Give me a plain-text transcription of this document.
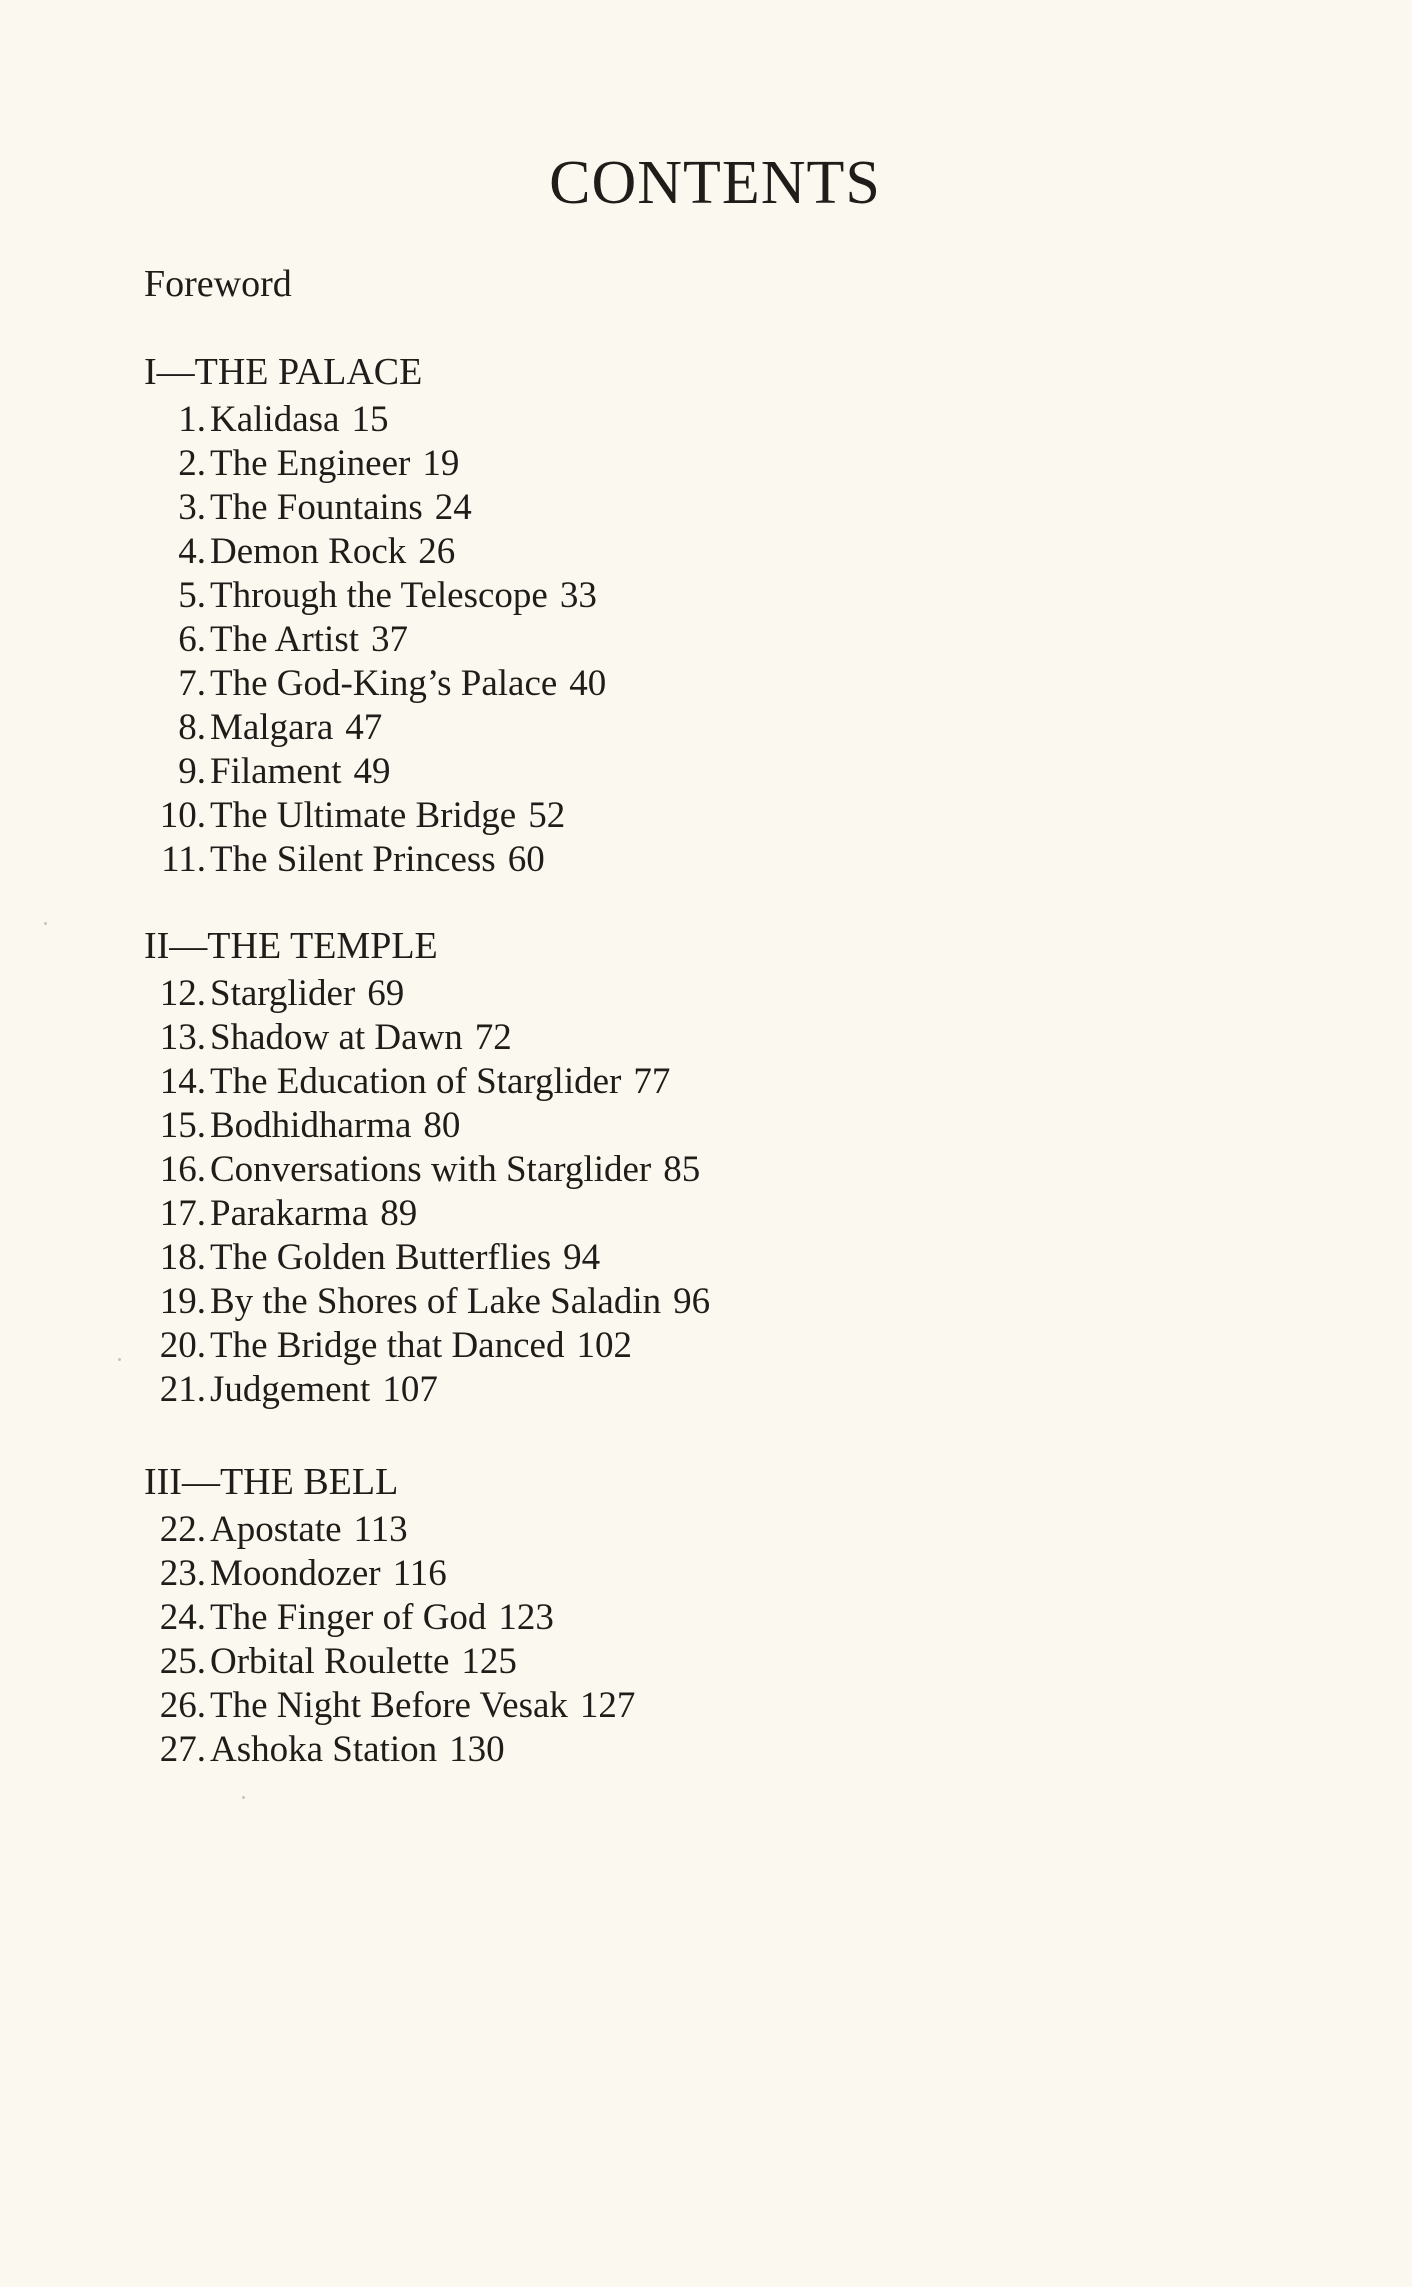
CONTENTS
Foreword
I—THE PALACE
1. Kalidasa 15
2. The Engineer 19
3. The Fountains 24
4. Demon Rock 26
5. Through the Telescope 33
6. The Artist 37
7. The God-King’s Palace 40
8. Malgara 47
9. Filament 49
10. The Ultimate Bridge 52
11. The Silent Princess 60
II—THE TEMPLE
12. Starglider 69
13. Shadow at Dawn 72
14. The Education of Starglider 77
15. Bodhidharma 80
16. Conversations with Starglider 85
17. Parakarma 89
18. The Golden Butterflies 94
19. By the Shores of Lake Saladin 96
20. The Bridge that Danced 102
21. Judgement 107
III—THE BELL
22. Apostate 113
23. Moondozer 116
24. The Finger of God 123
25. Orbital Roulette 125
26. The Night Before Vesak 127
27. Ashoka Station 130
